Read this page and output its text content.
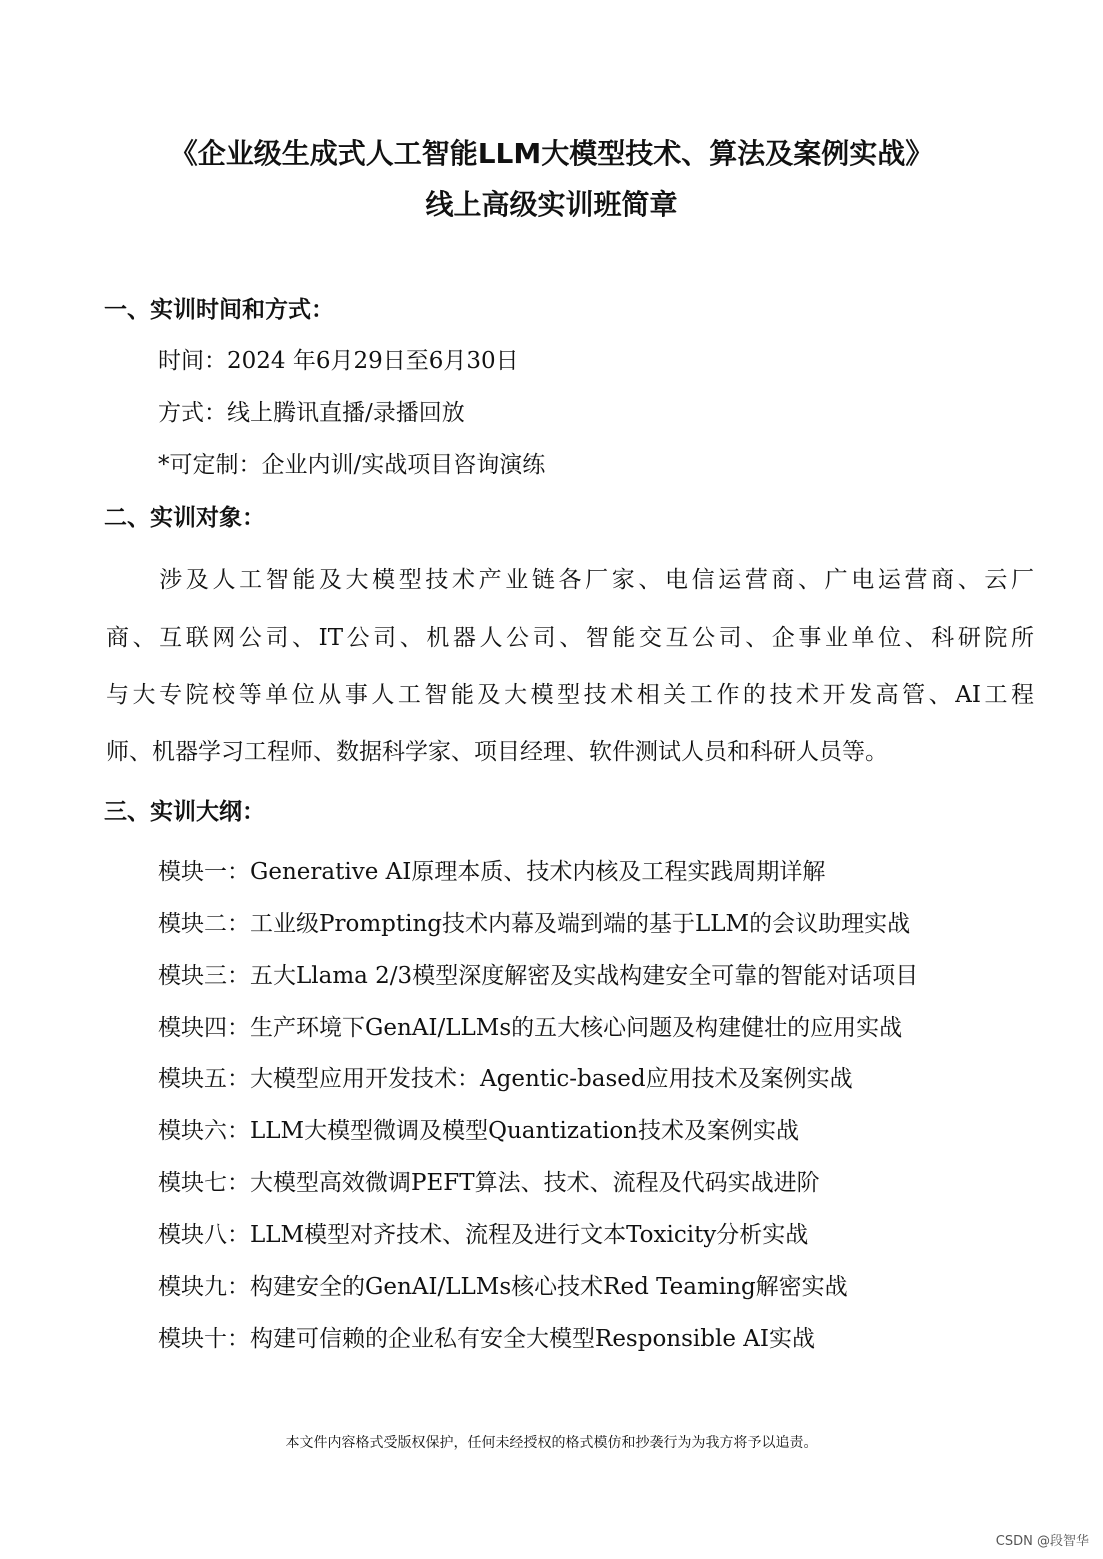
《企业级生成式人工智能LLM大模型技术、算法及案例实战》
线上高级实训班简章
一、实训时间和方式：
时间：2024 年6月29日至6月30日
方式：线上腾讯直播/录播回放
*可定制：企业内训/实战项目咨询演练
二、实训对象：
　　涉及人工智能及大模型技术产业链各厂家、电信运营商、广电运营商、云厂
商、互联网公司、IT公司、机器人公司、智能交互公司、企事业单位、科研院所
与大专院校等单位从事人工智能及大模型技术相关工作的技术开发高管、AI工程
师、机器学习工程师、数据科学家、项目经理、软件测试人员和科研人员等。
三、实训大纲：
模块一：Generative AI原理本质、技术内核及工程实践周期详解
模块二：工业级Prompting技术内幕及端到端的基于LLM的会议助理实战
模块三：五大Llama 2/3模型深度解密及实战构建安全可靠的智能对话项目
模块四：生产环境下GenAI/LLMs的五大核心问题及构建健壮的应用实战
模块五：大模型应用开发技术：Agentic-based应用技术及案例实战
模块六：LLM大模型微调及模型Quantization技术及案例实战
模块七：大模型高效微调PEFT算法、技术、流程及代码实战进阶
模块八：LLM模型对齐技术、流程及进行文本Toxicity分析实战
模块九：构建安全的GenAI/LLMs核心技术Red Teaming解密实战
模块十：构建可信赖的企业私有安全大模型Responsible AI实战
本文件内容格式受版权保护，任何未经授权的格式模仿和抄袭行为为我方将予以追责。
CSDN @段智华
